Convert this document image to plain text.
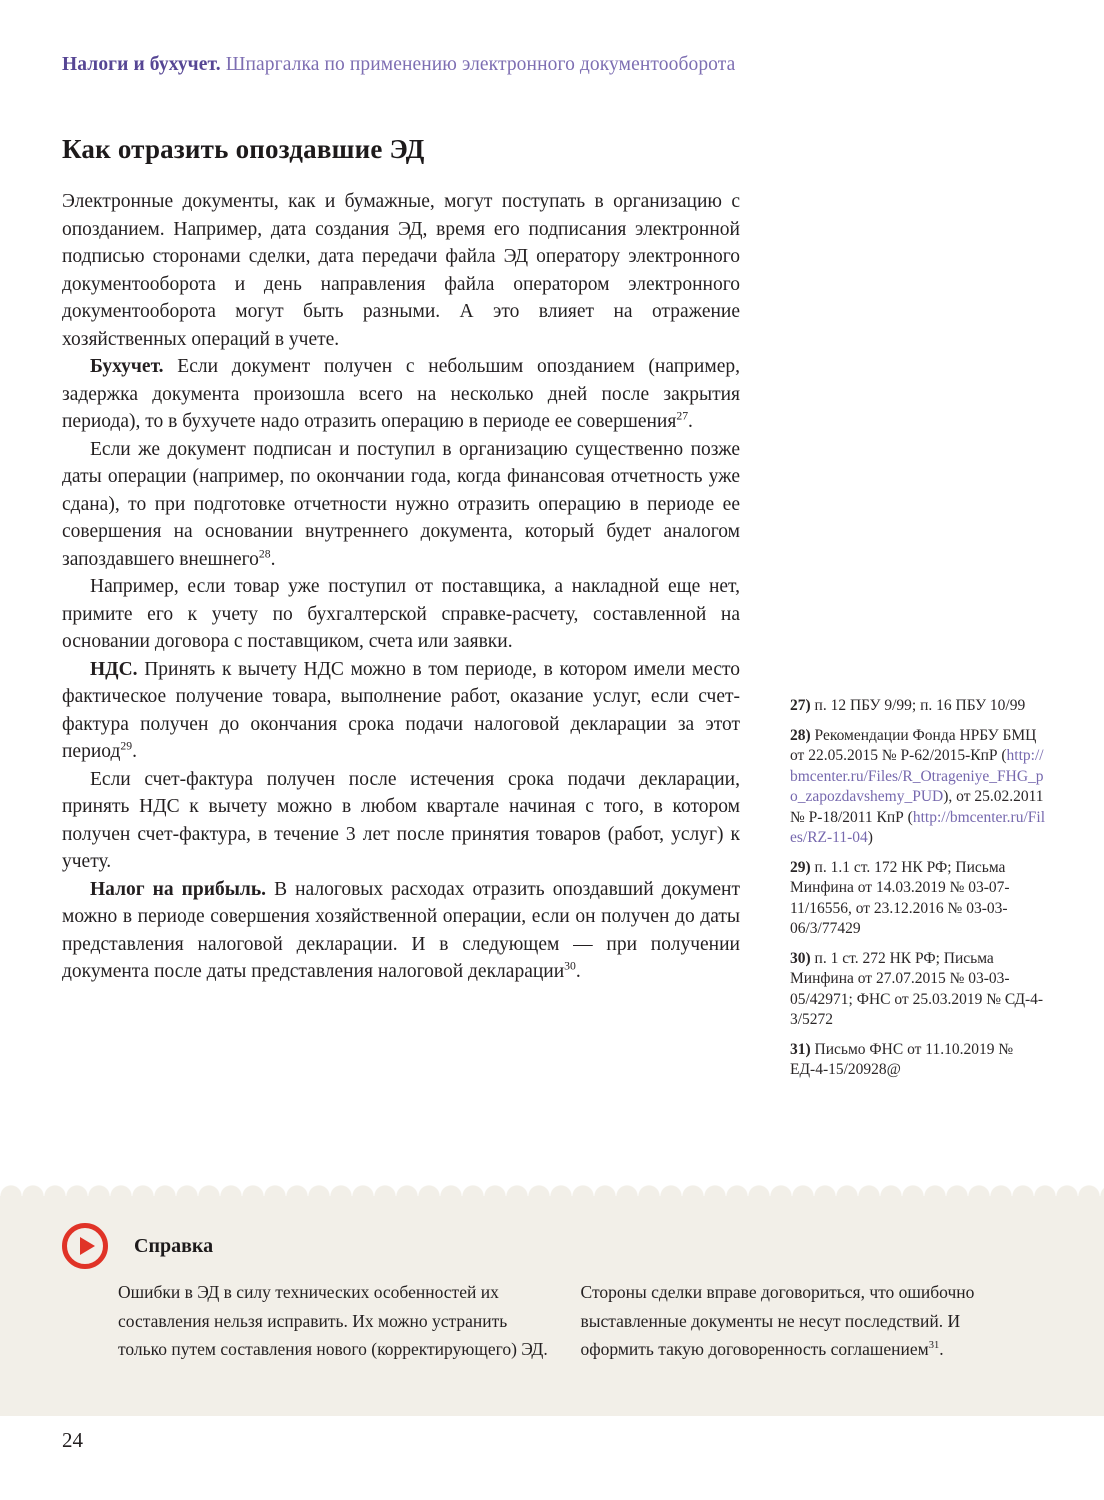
Налоги и бухучет. Шпаргалка по применению электронного документооборота
Как отразить опоздавшие ЭД

Электронные документы, как и бумажные, могут поступать в организацию с опозданием. Например, дата создания ЭД, время его подписания электронной подписью сторонами сделки, дата передачи файла ЭД оператору электронного документооборота и день направления файла оператором электронного документооборота могут быть разными. А это влияет на отражение хозяйственных операций в учете.

Бухучет. Если документ получен с небольшим опозданием (например, задержка документа произошла всего на несколько дней после закрытия периода), то в бухучете надо отразить операцию в периоде ее совершения$^{27}$.

Если же документ подписан и поступил в организацию существенно позже даты операции (например, по окончании года, когда финансовая отчетность уже сдана), то при подготовке отчетности нужно отразить операцию в периоде ее совершения на основании внутреннего документа, который будет аналогом запоздавшего внешнего$^{28}$.

Например, если товар уже поступил от поставщика, а накладной еще нет, примите его к учету по бухгалтерской справке-расчету, составленной на основании договора с поставщиком, счета или заявки.

НДС. Принять к вычету НДС можно в том периоде, в котором имели место фактическое получение товара, выполнение работ, оказание услуг, если счет-фактура получен до окончания срока подачи налоговой декларации за этот период$^{29}$.

Если счет-фактура получен после истечения срока подачи декларации, принять НДС к вычету можно в любом квартале начиная с того, в котором получен счет-фактура, в течение 3 лет после принятия товаров (работ, услуг) к учету.

Налог на прибыль. В налоговых расходах отразить опоздавший документ можно в периоде совершения хозяйственной операции, если он получен до даты представления налоговой декларации. И в следующем — при получении документа после даты представления налоговой декларации$^{30}$.

27) п. 12 ПБУ 9/99; п. 16 ПБУ 10/99

28) Рекомендации Фонда НРБУ БМЦ от 22.05.2015 № Р-62/2015-КпР (http://bmcenter.ru/Files/R_Otrageniye_FHG_po_zapozdavshemy_PUD), от 25.02.2011 № Р-18/2011 КпР (http://bmcenter.ru/Files/RZ-11-04)

29) п. 1.1 ст. 172 НК РФ; Письма Минфина от 14.03.2019 № 03-07-11/16556, от 23.12.2016 № 03-03-06/3/77429

30) п. 1 ст. 272 НК РФ; Письма Минфина от 27.07.2015 № 03-03-05/42971; ФНС от 25.03.2019 № СД-4-3/5272

31) Письмо ФНС от 11.10.2019 № ЕД-4-15/20928@

Справка
Ошибки в ЭД в силу технических особенностей их составления нельзя исправить. Их можно устранить только путем составления нового (корректирующего) ЭД.
Стороны сделки вправе договориться, что ошибочно выставленные документы не несут последствий. И оформить такую договоренность соглашением$^{31}$.
24
